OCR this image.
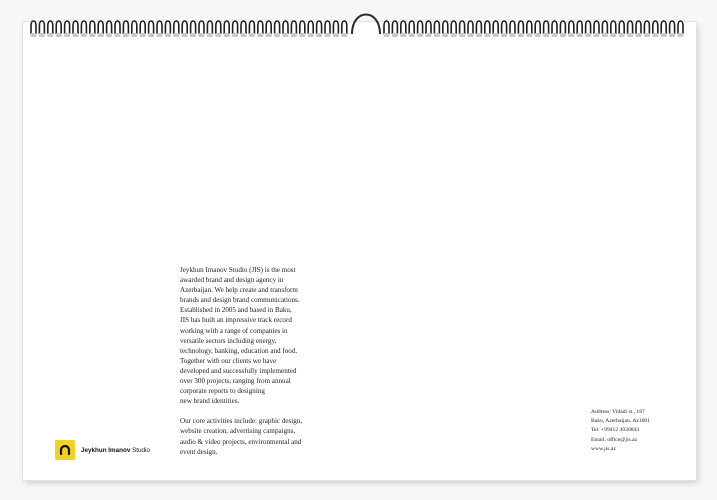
Jeykhun Imanov Studio (JIS) is the most
awarded brand and design agency in
Azerbaijan. We help create and transform
brands and design brand communications.
Established in 2005 and based in Baku,
JIS has built an impressive track record
working with a range of companies in
versatile sectors including energy,
technology, banking, education and food.
Together with our clients we have
developed and successfully implemented
over 300 projects, ranging from annual
corporate reports to designing
new brand identities.

Our core activities include: graphic design,
website creation, advertising campaigns,
audio & video projects, environmental and
event design.

Jeykhun Imanov Studio
Address: Vidadi st., 187
Baku, Azerbaijan, Az1001
Tel: +99412 4930843
Email: office@jis.az
www.jis.az
